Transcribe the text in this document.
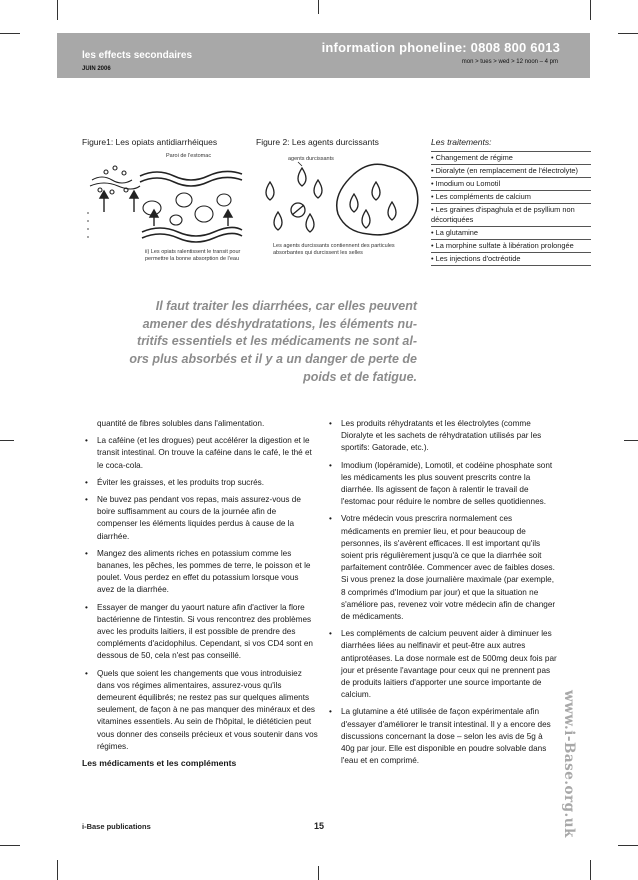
les effects secondaires
information phoneline: 0808 800 6013
mon > tues > wed > 12 noon – 4 pm
JUIN 2006
Figure1: Les opiats antidiarrhéiques
Paroi de l'estomac
ii) Les opiats ralentissent le transit pour permettre la bonne absorption de l'eau
Figure 2: Les agents durcissants
agents durcissants
Les agents durcissants contiennent des particules absorbantes qui durcissent les selles
Les traitements:
• Changement de régime
• Dioralyte (en remplacement de l'électrolyte)
• Imodium ou Lomotil
• Les compléments de calcium
• Les graines d'ispaghula et de psyllium non décortiquées
• La glutamine
• La morphine sulfate à libération prolongée
• Les injections d'octréotide
Il faut traiter les diarrhées, car elles peuvent amener des déshydratations, les éléments nu-tritifs essentiels et les médicaments ne sont al-ors plus absorbés et il y a un danger de perte de poids et de fatigue.

quantité de fibres solubles dans l'alimentation.

• La caféine (et les drogues) peut accélérer la digestion et le transit intestinal. On trouve la caféine dans le café, le thé et le coca-cola.
• Éviter les graisses, et les produits trop sucrés.
• Ne buvez pas pendant vos repas, mais assurez-vous de boire suffisamment au cours de la journée afin de compenser les éléments liquides perdus à cause de la diarrhée.
• Mangez des aliments riches en potassium comme les bananes, les pêches, les pommes de terre, le poisson et le poulet. Vous perdez en effet du potassium lorsque vous avez de la diarrhée.
• Essayer de manger du yaourt nature afin d'activer la flore bactérienne de l'intestin. Si vous rencontrez des problèmes avec les produits laitiers, il est possible de prendre des compléments d'acidophilus. Cependant, si vos CD4 sont en dessous de 50, cela n'est pas conseillé.
• Quels que soient les changements que vous introduisiez dans vos régimes alimentaires, assurez-vous qu'ils demeurent équilibrés; ne restez pas sur quelques aliments seulement, de façon à ne pas manquer des minéraux et des vitamines essentiels. Au sein de l'hôpital, le diététicien peut vous donner des conseils précieux et vous soutenir dans vos régimes.
Les médicaments et les compléments
• Les produits réhydratants et les électrolytes (comme Dioralyte et les sachets de réhydratation utilisés par les sportifs: Gatorade, etc.).
• Imodium (lopéramide), Lomotil, et codéine phosphate sont les médicaments les plus souvent prescrits contre la diarrhée. Ils agissent de façon à ralentir le travail de l'estomac pour réduire le nombre de selles quotidiennes.
• Votre médecin vous prescrira normalement ces médicaments en premier lieu, et pour beaucoup de personnes, ils s'avèrent efficaces. Il est important qu'ils soient pris régulièrement jusqu'à ce que la diarrhée soit parfaitement contrôlée. Commencer avec de faibles doses. Si vous prenez la dose journalière maximale (par exemple, 8 comprimés d'Imodium par jour) et que la situation ne s'améliore pas, revenez voir votre médecin afin de changer de médicaments.
• Les compléments de calcium peuvent aider à diminuer les diarrhées liées au nelfinavir et peut-être aux autres antiprotéases. La dose normale est de 500mg deux fois par jour et présente l'avantage pour ceux qui ne prennent pas de produits laitiers d'apporter une source importante de calcium.
• La glutamine a été utilisée de façon expérimentale afin d'essayer d'améliorer le transit intestinal. Il y a encore des discussions concernant la dose – selon les avis de 5g à 40g par jour. Elle est disponible en poudre solvable dans l'eau et en comprimé.	www.i-Base.org.uk
i-Base publications	15
